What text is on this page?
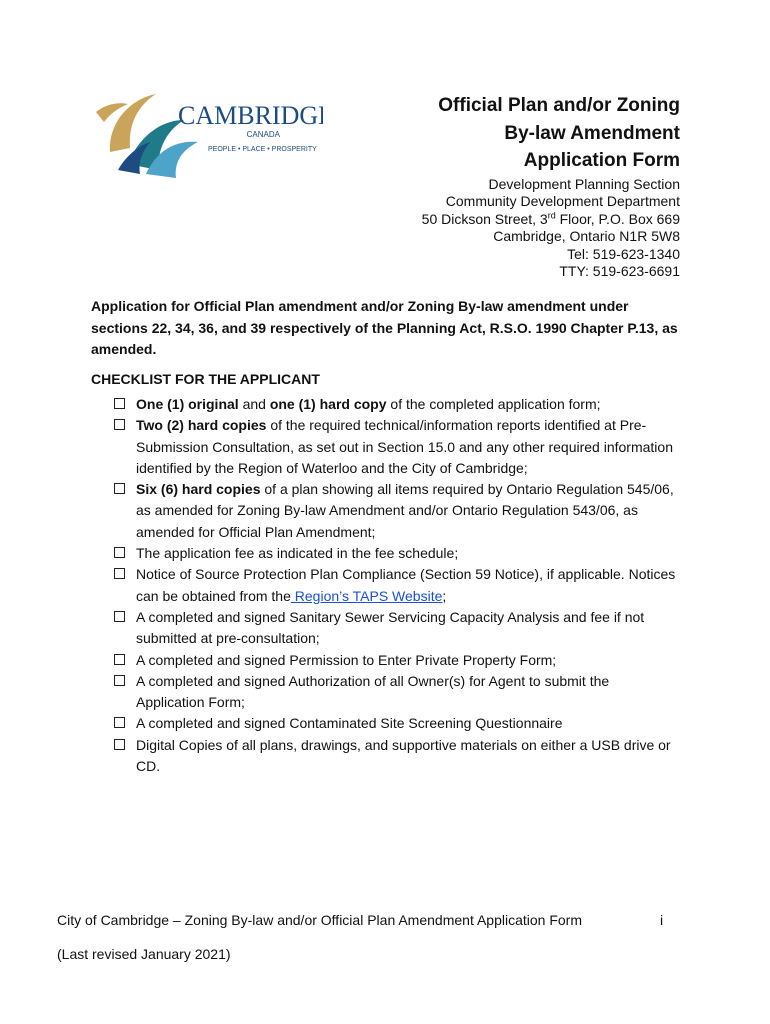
CAMBRIDGE
CANADA
PEOPLE • PLACE • PROSPERITY

Official Plan and/or Zoning

By-law Amendment

Application Form

Development Planning Section
Community Development Department
50 Dickson Street, 3rd Floor, P.O. Box 669
Cambridge, Ontario N1R 5W8
Tel: 519-623-1340
TTY: 519-623-6691
Application for Official Plan amendment and/or Zoning By-law amendment under sections 22, 34, 36, and 39 respectively of the Planning Act, R.S.O. 1990 Chapter P.13, as amended.
CHECKLIST FOR THE APPLICANT
One (1) original and one (1) hard copy of the completed application form;
Two (2) hard copies of the required technical/information reports identified at Pre-Submission Consultation, as set out in Section 15.0 and any other required information identified by the Region of Waterloo and the City of Cambridge;
Six (6) hard copies of a plan showing all items required by Ontario Regulation 545/06, as amended for Zoning By-law Amendment and/or Ontario Regulation 543/06, as amended for Official Plan Amendment;
The application fee as indicated in the fee schedule;
Notice of Source Protection Plan Compliance (Section 59 Notice), if applicable. Notices can be obtained from the Region’s TAPS Website;
A completed and signed Sanitary Sewer Servicing Capacity Analysis and fee if not submitted at pre-consultation;
A completed and signed Permission to Enter Private Property Form;
A completed and signed Authorization of all Owner(s) for Agent to submit the Application Form;
A completed and signed Contaminated Site Screening Questionnaire
Digital Copies of all plans, drawings, and supportive materials on either a USB drive or CD.
City of Cambridge – Zoning By-law and/or Official Plan Amendment Application Form	i
(Last revised January 2021)
